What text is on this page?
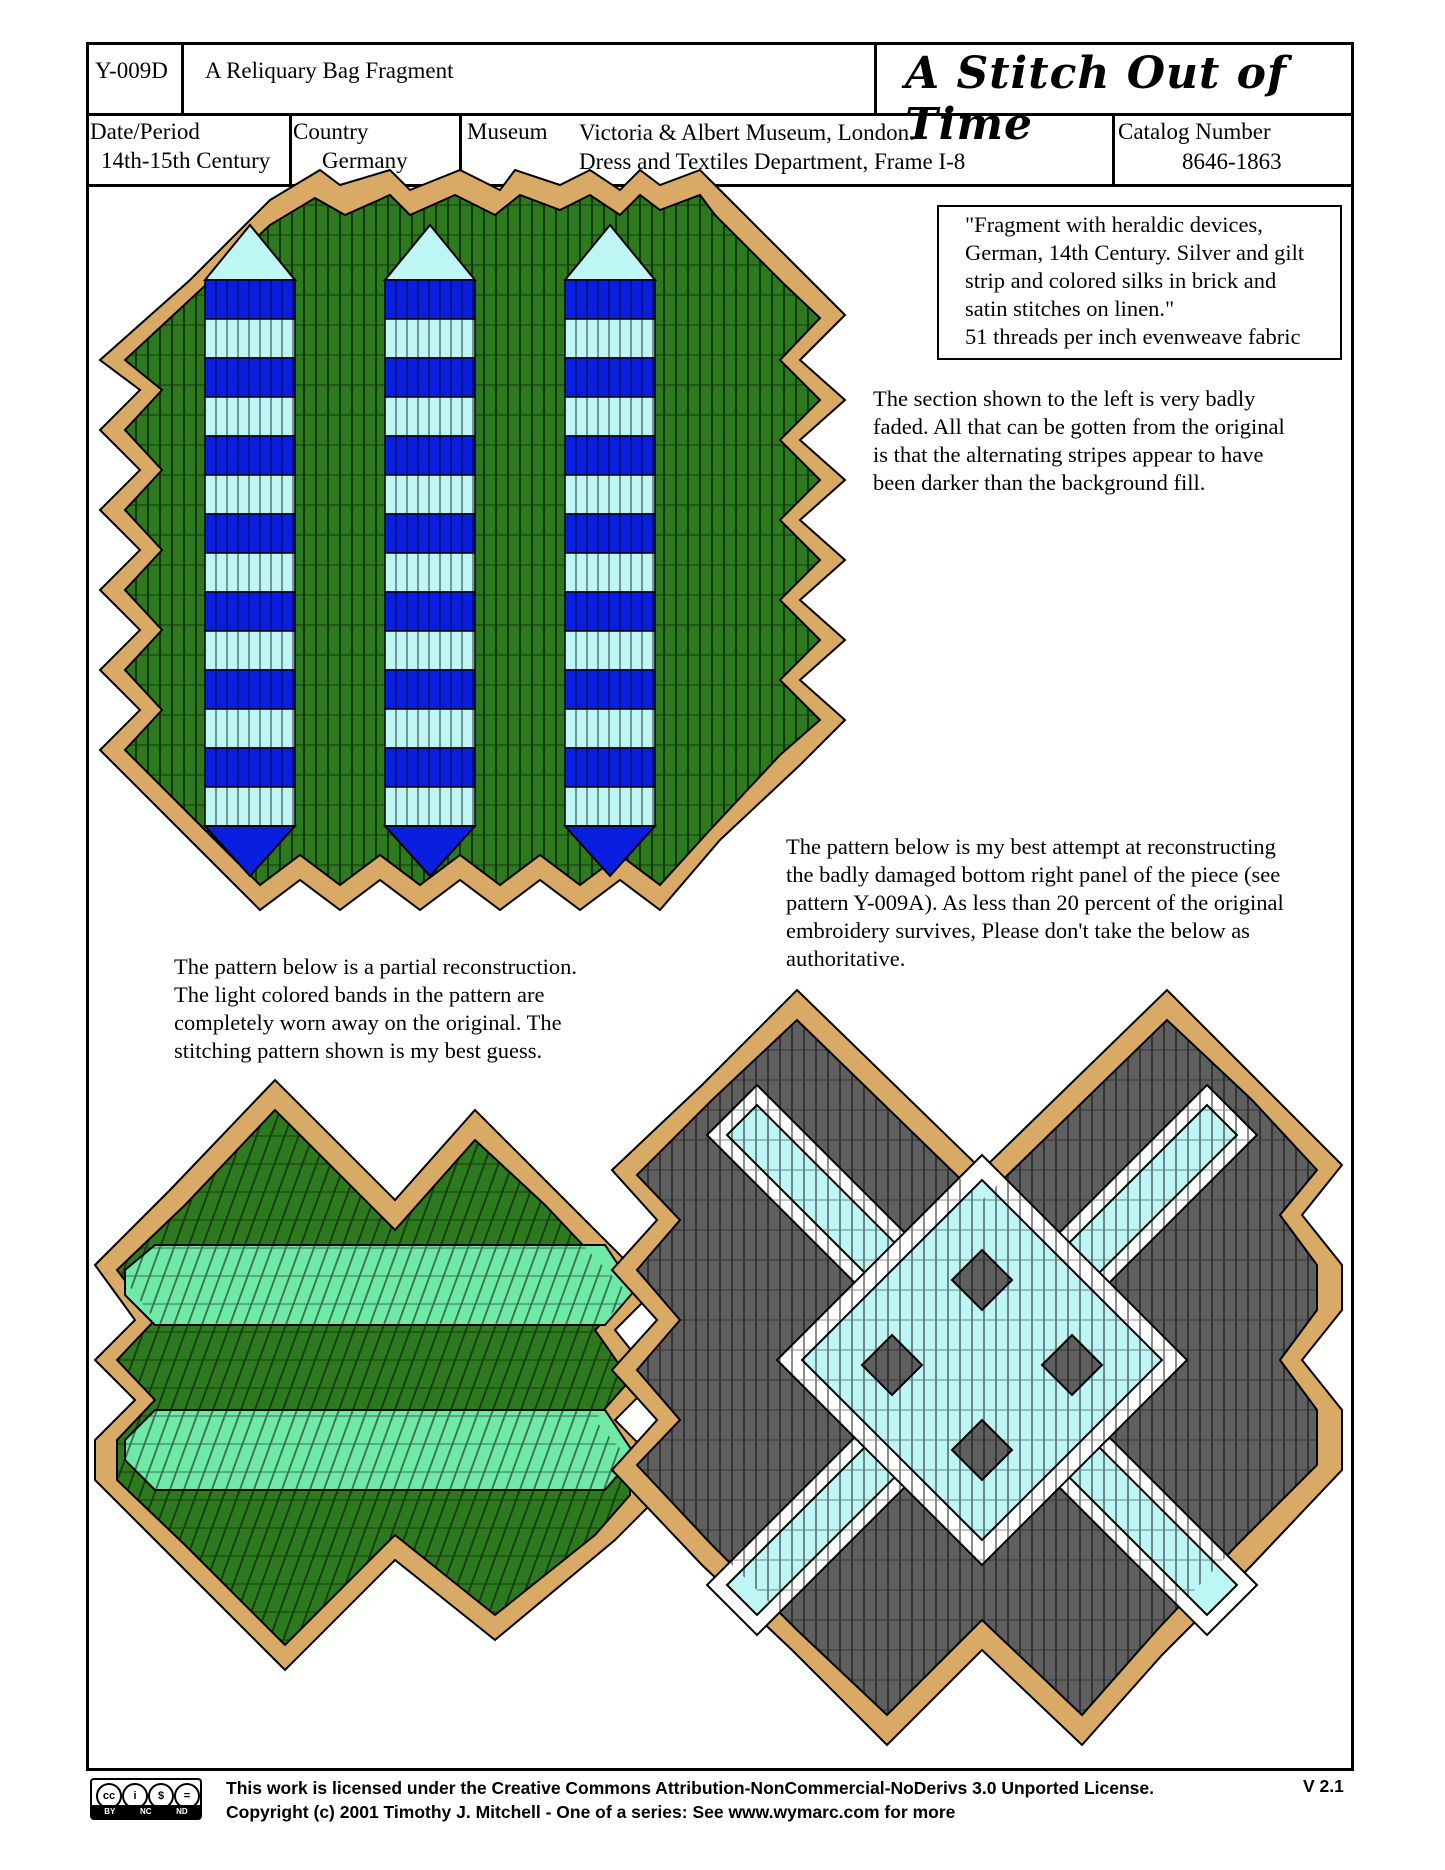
Y-009D A Reliquary Bag Fragment	A Stitch Out of Time
Date/Period
14th-15th Century
Country
Germany
Museum Victoria & Albert Museum, London.
Dress and Textiles Department, Frame I-8
Catalog Number
8646-1863
"Fragment with heraldic devices,
German, 14th Century. Silver and gilt
strip and colored silks in brick and
satin stitches on linen."
51 threads per inch evenweave fabric
The section shown to the left is very badly
faded. All that can be gotten from the original
is that the alternating stripes appear to have
been darker than the background fill.
The pattern below is my best attempt at reconstructing
the badly damaged bottom right panel of the piece (see
pattern Y-009A). As less than 20 percent of the original
embroidery survives, Please don't take the below as
authoritative.
The pattern below is a partial reconstruction.
The light colored bands in the pattern are
completely worn away on the original. The
stitching pattern shown is my best guess.
cc	i	$	=
BY	NC	ND
This work is licensed under the Creative Commons Attribution-NonCommercial-NoDerivs 3.0 Unported License.
Copyright (c) 2001 Timothy J. Mitchell - One of a series: See www.wymarc.com for more
V 2.1
